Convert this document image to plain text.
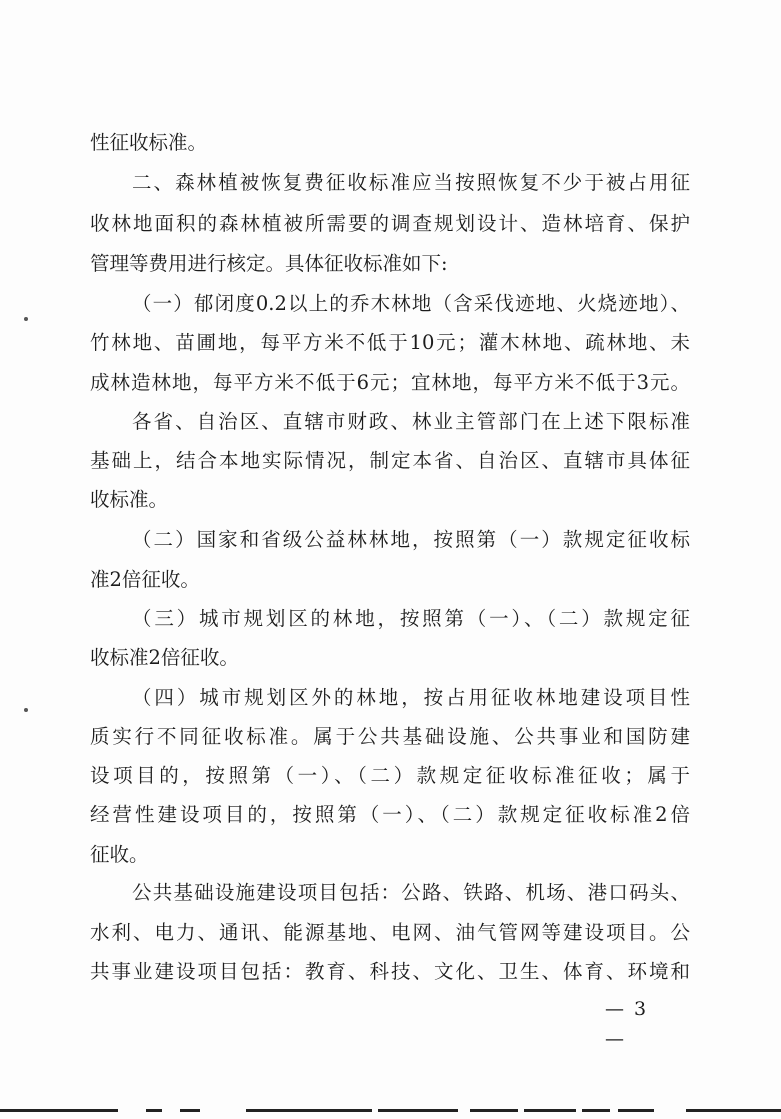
性征收标准。
二、森林植被恢复费征收标准应当按照恢复不少于被占用征
收林地面积的森林植被所需要的调查规划设计、造林培育、保护
管理等费用进行核定。具体征收标准如下:
（一）郁闭度0.2以上的乔木林地（含采伐迹地、火烧迹地）、
竹林地、苗圃地，每平方米不低于10元；灌木林地、疏林地、未
成林造林地，每平方米不低于6元；宜林地，每平方米不低于3元。
各省、自治区、直辖市财政、林业主管部门在上述下限标准
基础上，结合本地实际情况，制定本省、自治区、直辖市具体征
收标准。
（二）国家和省级公益林林地，按照第（一）款规定征收标
准2倍征收。
（三）城市规划区的林地，按照第（一）、（二）款规定征
收标准2倍征收。
（四）城市规划区外的林地，按占用征收林地建设项目性
质实行不同征收标准。属于公共基础设施、公共事业和国防建
设项目的，按照第（一）、（二）款规定征收标准征收；属于
经营性建设项目的，按照第（一）、（二）款规定征收标准2倍
征收。
公共基础设施建设项目包括：公路、铁路、机场、港口码头、
水利、电力、通讯、能源基地、电网、油气管网等建设项目。公
共事业建设项目包括：教育、科技、文化、卫生、体育、环境和
— 3 —
